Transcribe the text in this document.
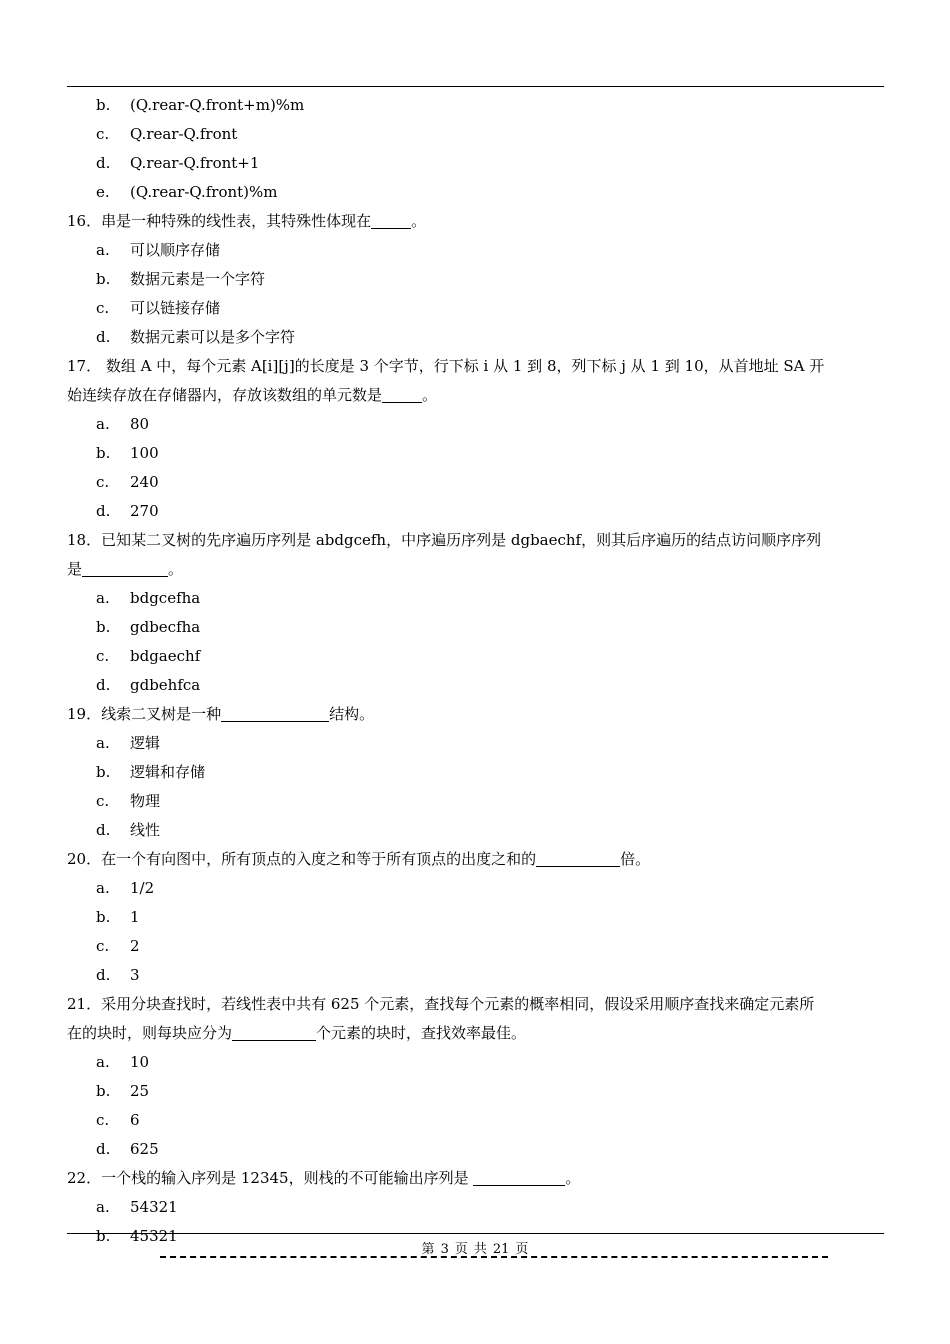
b. (Q.rear-Q.front+m)%m
c. Q.rear-Q.front
d. Q.rear-Q.front+1
e. (Q.rear-Q.front)%m
16．串是一种特殊的线性表，其特殊性体现在	。
a. 可以顺序存储
b. 数据元素是一个字符
c. 可以链接存储
d. 数据元素可以是多个字符
17． 数组 A 中，每个元素 A[i][j]的长度是 3 个字节，行下标 i 从 1 到 8，列下标 j 从 1 到 10，从首地址 SA 开
始连续存放在存储器内，存放该数组的单元数是	。
a. 80
b. 100
c. 240
d. 270
18．已知某二叉树的先序遍历序列是 abdgcefh，中序遍历序列是 dgbaechf，则其后序遍历的结点访问顺序序列
是	。
a. bdgcefha
b. gdbecfha
c. bdgaechf
d. gdbehfca
19．线索二叉树是一种	结构。
a. 逻辑
b. 逻辑和存储
c. 物理
d. 线性
20．在一个有向图中，所有顶点的入度之和等于所有顶点的出度之和的	倍。
a. 1/2
b. 1
c. 2
d. 3
21．采用分块查找时，若线性表中共有 625 个元素，查找每个元素的概率相同，假设采用顺序查找来确定元素所
在的块时，则每块应分为	个元素的块时，查找效率最佳。
a. 10
b. 25
c. 6
d. 625
22．一个栈的输入序列是 12345，则栈的不可能输出序列是	。
a. 54321
b. 45321
第 3 页 共 21 页
